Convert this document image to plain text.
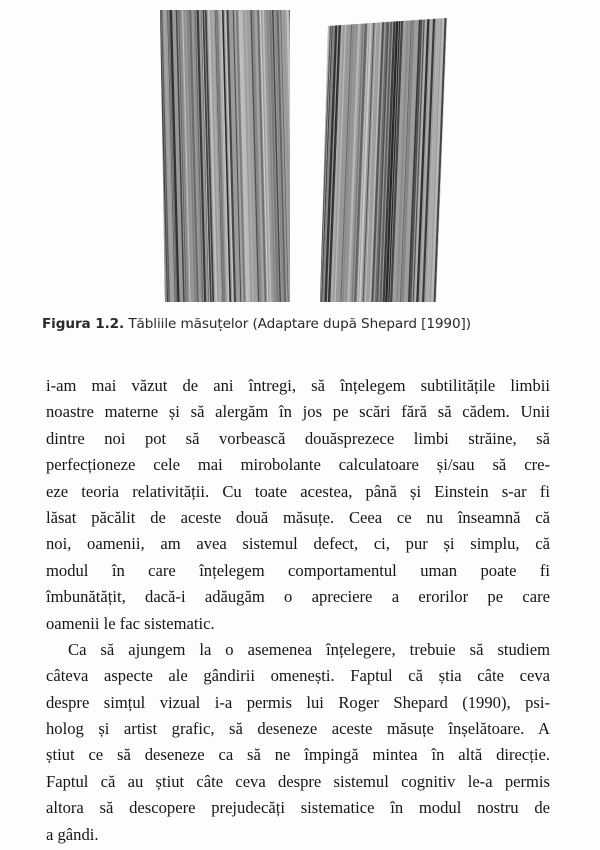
Figura 1.2. Tăbliile măsuțelor (Adaptare după Shepard [1990])

i-am mai văzut de ani întregi, să înțelegem subtilitățile limbii
noastre materne și să alergăm în jos pe scări fără să cădem. Unii
dintre noi pot să vorbească douăsprezece limbi străine, să
perfecționeze cele mai mirobolante calculatoare și/sau să cre-
eze teoria relativității. Cu toate acestea, până și Einstein s-ar fi
lăsat păcălit de aceste două măsuțe. Ceea ce nu înseamnă că
noi, oamenii, am avea sistemul defect, ci, pur și simplu, că
modul în care înțelegem comportamentul uman poate fi
îmbunătățit, dacă-i adăugăm o apreciere a erorilor pe care
oamenii le fac sistematic.

Ca să ajungem la o asemenea înțelegere, trebuie să studiem
câteva aspecte ale gândirii omenești. Faptul că știa câte ceva
despre simțul vizual i-a permis lui Roger Shepard (1990), psi-
holog și artist grafic, să deseneze aceste măsuțe înșelătoare. A
știut ce să deseneze ca să ne împingă mintea în altă direcție.
Faptul că au știut câte ceva despre sistemul cognitiv le-a permis
altora să descopere prejudecăți sistematice în modul nostru de
a gândi.
